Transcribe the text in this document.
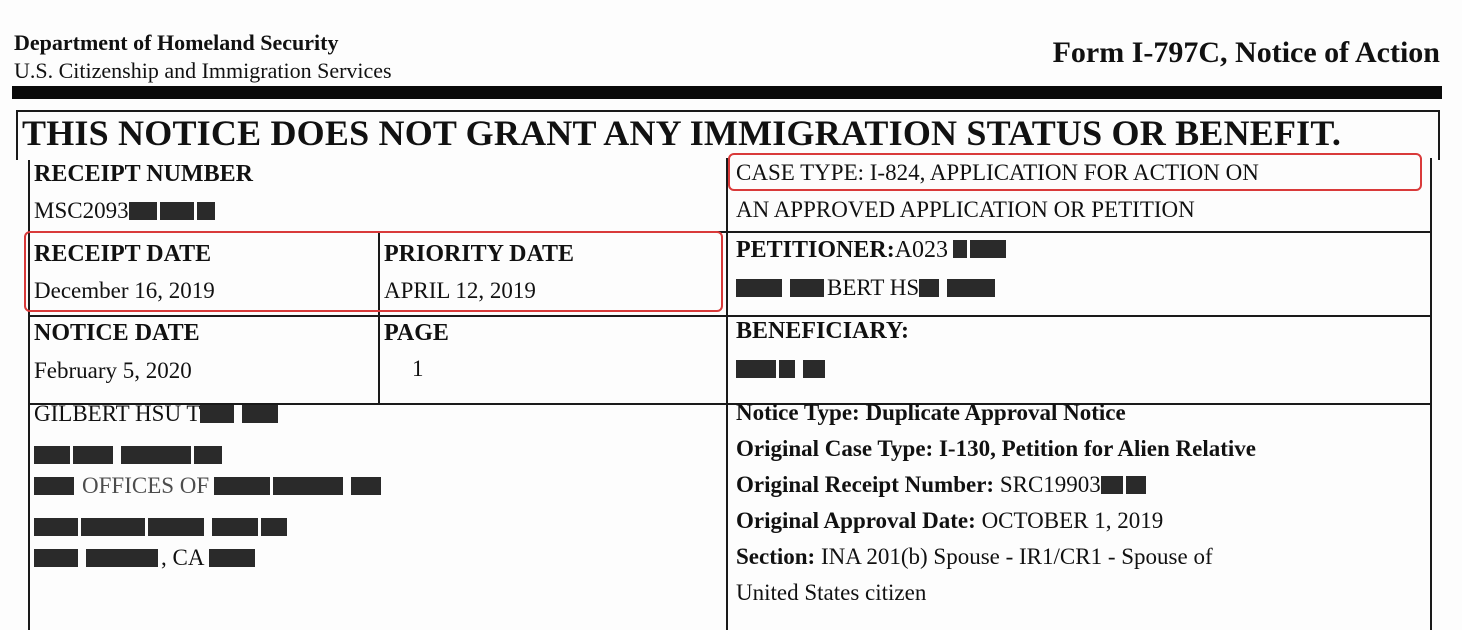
Department of Homeland Security
U.S. Citizenship and Immigration Services
Form I-797C, Notice of Action
THIS NOTICE DOES NOT GRANT ANY IMMIGRATION STATUS OR BENEFIT.
RECEIPT NUMBER
MSC2093
CASE TYPE: I-824, APPLICATION FOR ACTION ON
AN APPROVED APPLICATION OR PETITION
RECEIPT DATE
December 16, 2019
PRIORITY DATE
APRIL 12, 2019
PETITIONER:A023
BERT HS
NOTICE DATE
February 5, 2020
PAGE
1
BENEFICIARY:
GILBERT HSU T
OFFICES OF
, CA
Notice Type: Duplicate Approval Notice
Original Case Type: I-130, Petition for Alien Relative
Original Receipt Number: SRC19903
Original Approval Date: OCTOBER 1, 2019
Section: INA 201(b) Spouse - IR1/CR1 - Spouse of
United States citizen
